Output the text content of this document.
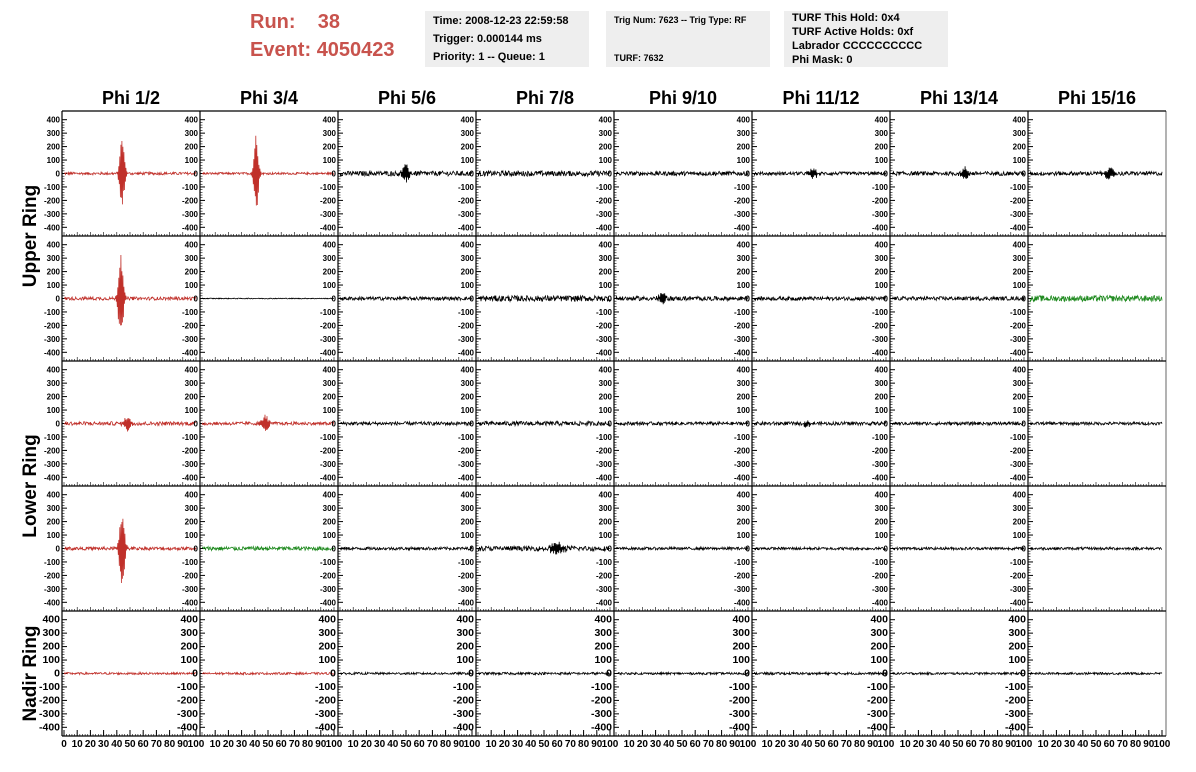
Run: 38
Event: 4050423
Time: 2008-12-23 22:59:58
Trigger: 0.000144 ms
Priority: 1 -- Queue: 1
Trig Num: 7623 -- Trig Type: RF
TURF: 7632
TURF This Hold: 0x4
TURF Active Holds: 0xf
Labrador CCCCCCCCCC
Phi Mask: 0
Phi 1/2	Phi 3/4	Phi 5/6	Phi 7/8	Phi 9/10	Phi 11/12	Phi 13/14	Phi 15/16
Upper Ring
Lower Ring
Nadir Ring
-400
-300
-200
-100
0
100
200
300
400
-400
-300
-200
-100
0
100
200
300
400
-400
-300
-200
-100
0
100
200
300
400
-400
-300
-200
-100
0
100
200
300
400
-400
-300
-200
-100
0
100
200
300
400
-400
-300
-200
-100
0
100
200
300
400
-400
-300
-200
-100
0
100
200
300
400
-400
-300
-200
-100
0
100
200
300
400
-400
-300
-200
-100
0
100
200
300
400
-400
-300
-200
-100
0
100
200
300
400
-400
-300
-200
-100
0
100
200
300
400
-400
-300
-200
-100
0
100
200
300
400
-400
-300
-200
-100
0
100
200
300
400
-400
-300
-200
-100
0
100
200
300
400
-400
-300
-200
-100
0
100
200
300
400
-400
-300
-200
-100
0
100
200
300
400
-400
-300
-200
-100
0
100
200
300
400
-400
-300
-200
-100
0
100
200
300
400
-400
-300
-200
-100
0
100
200
300
400
-400
-300
-200
-100
0
100
200
300
400
-400
-300
-200
-100
0
100
200
300
400
-400
-300
-200
-100
0
100
200
300
400
-400
-300
-200
-100
0
100
200
300
400
-400
-300
-200
-100
0
100
200
300
400
-400
-300
-200
-100
0
100
200
300
400
-400
-300
-200
-100
0
100
200
300
400
-400
-300
-200
-100
0
100
200
300
400
-400
-300
-200
-100
0
100
200
300
400
-400
-300
-200
-100
0
100
200
300
400
-400
-300
-200
-100
0
100
200
300
400
-400
-300
-200
-100
0
100
200
300
400
-400
-300
-200
-100
0
100
200
300
400
-400
-300
-200
-100
0
100
200
300
400
-400
-300
-200
-100
0
100
200
300
400
-400
-300
-200
-100
0
100
200
300
400
-400
-300
-200
-100
0
100
200
300
400
-400
-300
-200
-100
0
100
200
300
400
-400
-300
-200
-100
0
100
200
300
400
-400
-300
-200
-100
0
100
200
300
400
-400
-300
-200
-100
0
100
200
300
400
0 10 20 30 40 50 60 70 80 90 100 10 20 30 40 50 60 70 80 90 100 10 20 30 40 50 60 70 80 90 100 10 20 30 40 50 60 70 80 90 100 10 20 30 40 50 60 70 80 90 100 10 20 30 40 50 60 70 80 90 100 10 20 30 40 50 60 70 80 90 100 10 20 30 40 50 60 70 80 90 100
